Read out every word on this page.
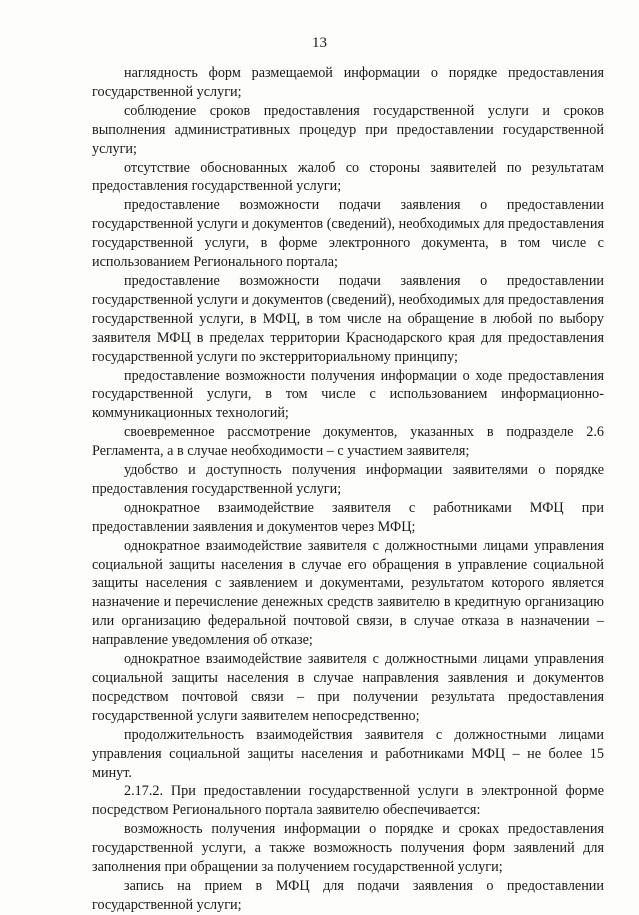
13

наглядность форм размещаемой информации о порядке предоставления государственной услуги;

соблюдение сроков предоставления государственной услуги и сроков выполнения административных процедур при предоставлении государственной услуги;

отсутствие обоснованных жалоб со стороны заявителей по результатам предоставления государственной услуги;

предоставление возможности подачи заявления о предоставлении государственной услуги и документов (сведений), необходимых для предоставления государственной услуги, в форме электронного документа, в том числе с использованием Регионального портала;

предоставление возможности подачи заявления о предоставлении государственной услуги и документов (сведений), необходимых для предоставления государственной услуги, в МФЦ, в том числе на обращение в любой по выбору заявителя МФЦ в пределах территории Краснодарского края для предоставления государственной услуги по экстерриториальному принципу;

предоставление возможности получения информации о ходе предоставления государственной услуги, в том числе с использованием информационно-коммуникационных технологий;

своевременное рассмотрение документов, указанных в подразделе 2.6 Регламента, а в случае необходимости – с участием заявителя;

удобство и доступность получения информации заявителями о порядке предоставления государственной услуги;

однократное взаимодействие заявителя с работниками МФЦ при предоставлении заявления и документов через МФЦ;

однократное взаимодействие заявителя с должностными лицами управления социальной защиты населения в случае его обращения в управление социальной защиты населения с заявлением и документами, результатом которого является назначение и перечисление денежных средств заявителю в кредитную организацию или организацию федеральной почтовой связи, в случае отказа в назначении – направление уведомления об отказе;

однократное взаимодействие заявителя с должностными лицами управления социальной защиты населения в случае направления заявления и документов посредством почтовой связи – при получении результата предоставления государственной услуги заявителем непосредственно;

продолжительность взаимодействия заявителя с должностными лицами управления социальной защиты населения и работниками МФЦ – не более 15 минут.

2.17.2. При предоставлении государственной услуги в электронной форме посредством Регионального портала заявителю обеспечивается:

возможность получения информации о порядке и сроках предоставления государственной услуги, а также возможность получения форм заявлений для заполнения при обращении за получением государственной услуги;

запись на прием в МФЦ для подачи заявления о предоставлении государственной услуги;
